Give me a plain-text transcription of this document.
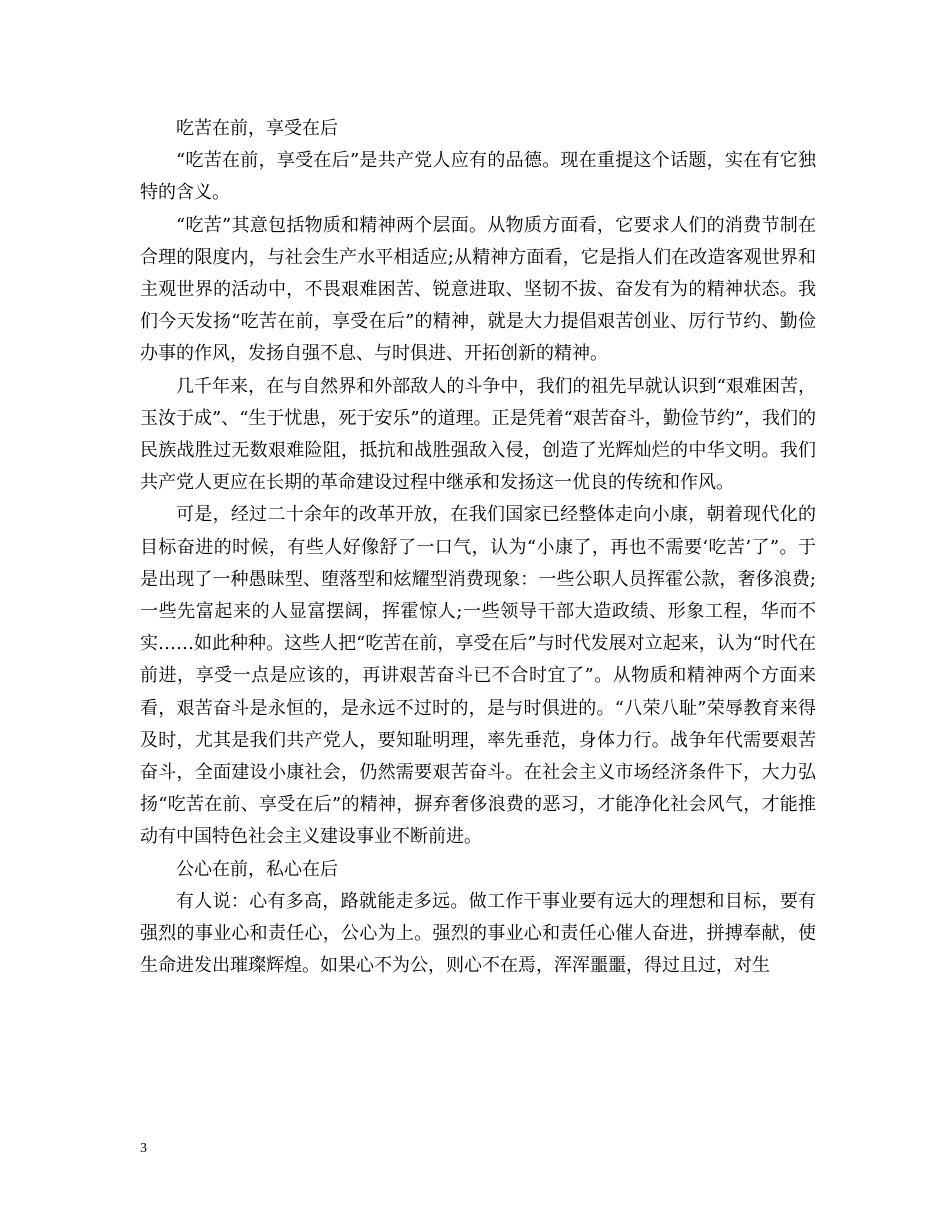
吃苦在前，享受在后

“吃苦在前，享受在后”是共产党人应有的品德。现在重提这个话题，实在有它独特的含义。

“吃苦”其意包括物质和精神两个层面。从物质方面看，它要求人们的消费节制在合理的限度内，与社会生产水平相适应;从精神方面看，它是指人们在改造客观世界和主观世界的活动中，不畏艰难困苦、锐意进取、坚韧不拔、奋发有为的精神状态。我们今天发扬“吃苦在前，享受在后”的精神，就是大力提倡艰苦创业、厉行节约、勤俭办事的作风，发扬自强不息、与时俱进、开拓创新的精神。

几千年来，在与自然界和外部敌人的斗争中，我们的祖先早就认识到“艰难困苦，玉汝于成”、“生于忧患，死于安乐”的道理。正是凭着“艰苦奋斗，勤俭节约”，我们的民族战胜过无数艰难险阻，抵抗和战胜强敌入侵，创造了光辉灿烂的中华文明。我们共产党人更应在长期的革命建设过程中继承和发扬这一优良的传统和作风。

可是，经过二十余年的改革开放，在我们国家已经整体走向小康，朝着现代化的目标奋进的时候，有些人好像舒了一口气，认为“小康了，再也不需要‘吃苦’了”。于是出现了一种愚昧型、堕落型和炫耀型消费现象：一些公职人员挥霍公款，奢侈浪费;一些先富起来的人显富摆阔，挥霍惊人;一些领导干部大造政绩、形象工程，华而不实……如此种种。这些人把“吃苦在前，享受在后”与时代发展对立起来，认为“时代在前进，享受一点是应该的，再讲艰苦奋斗已不合时宜了”。从物质和精神两个方面来看，艰苦奋斗是永恒的，是永远不过时的，是与时俱进的。“八荣八耻”荣辱教育来得及时，尤其是我们共产党人，要知耻明理，率先垂范，身体力行。战争年代需要艰苦奋斗，全面建设小康社会，仍然需要艰苦奋斗。在社会主义市场经济条件下，大力弘扬“吃苦在前、享受在后”的精神，摒弃奢侈浪费的恶习，才能净化社会风气，才能推动有中国特色社会主义建设事业不断前进。

公心在前，私心在后

有人说：心有多高，路就能走多远。做工作干事业要有远大的理想和目标，要有强烈的事业心和责任心，公心为上。强烈的事业心和责任心催人奋进，拼搏奉献，使生命进发出璀璨辉煌。如果心不为公，则心不在焉，浑浑噩噩，得过且过，对生

3
